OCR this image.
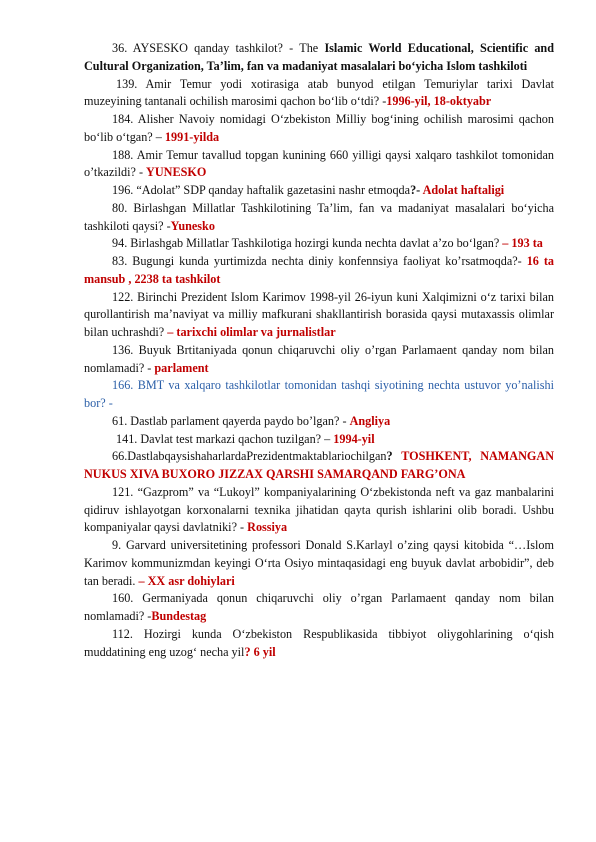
36. AYSESKO qanday tashkilot? - The Islamic World Educational, Scientific and Cultural Organization, Ta’lim, fan va madaniyat masalalari bo‘yicha Islom tashkiloti

139. Amir Temur yodi xotirasiga atab bunyod etilgan Temuriylar tarixi Davlat muzeyining tantanali ochilish marosimi qachon bo‘lib o‘tdi? -1996-yil, 18-oktyabr

184. Alisher Navoiy nomidagi O‘zbekiston Milliy bog‘ining ochilish marosimi qachon bo‘lib o‘tgan? – 1991-yilda

188. Amir Temur tavallud topgan kunining 660 yilligi qaysi xalqaro tashkilot tomonidan o’tkazildi? - YUNESKO

196. “Adolat” SDP qanday haftalik gazetasini nashr etmoqda?- Adolat haftaligi

80. Birlashgan Millatlar Tashkilotining Ta’lim, fan va madaniyat masalalari bo‘yicha tashkiloti qaysi? -Yunesko

94. Birlashgab Millatlar Tashkilotiga hozirgi kunda nechta davlat a’zo bo‘lgan? – 193 ta

83. Bugungi kunda yurtimizda nechta diniy konfennsiya faoliyat ko’rsatmoqda?- 16 ta mansub , 2238 ta tashkilot

122. Birinchi Prezident Islom Karimov 1998-yil 26-iyun kuni Xalqimizni o‘z tarixi bilan qurollantirish ma’naviyat va milliy mafkurani shakllantirish borasida qaysi mutaxassis olimlar bilan uchrashdi? – tarixchi olimlar va jurnalistlar

136. Buyuk Brtitaniyada qonun chiqaruvchi oliy o’rgan Parlamaent qanday nom bilan nomlamadi? - parlament

166. BMT va xalqaro tashkilotlar tomonidan tashqi siyotining nechta ustuvor yo’nalishi bor? -

61. Dastlab parlament qayerda paydo bo’lgan? - Angliya

141. Davlat test markazi qachon tuzilgan? – 1994-yil

66.DastlabqaysishaharlardaPrezidentmaktablariochilgan? TOSHKENT, NAMANGAN NUKUS XIVA BUXORO JIZZAX QARSHI SAMARQAND FARG’ONA

121. “Gazprom” va “Lukoyl” kompaniyalarining O‘zbekistonda neft va gaz manbalarini qidiruv ishlayotgan korxonalarni texnika jihatidan qayta qurish ishlarini olib boradi. Ushbu kompaniyalar qaysi davlatniki? - Rossiya

9. Garvard universitetining professori Donald S.Karlayl o’zing qaysi kitobida “…Islom Karimov kommunizmdan keyingi O‘rta Osiyo mintaqasidagi eng buyuk davlat arbobidir”, deb tan beradi. – XX asr dohiylari

160. Germaniyada qonun chiqaruvchi oliy o’rgan Parlamaent qanday nom bilan nomlamadi? -Bundestag

112. Hozirgi kunda O‘zbekiston Respublikasida tibbiyot oliygohlarining o‘qish muddatining eng uzog‘ necha yil? 6 yil
